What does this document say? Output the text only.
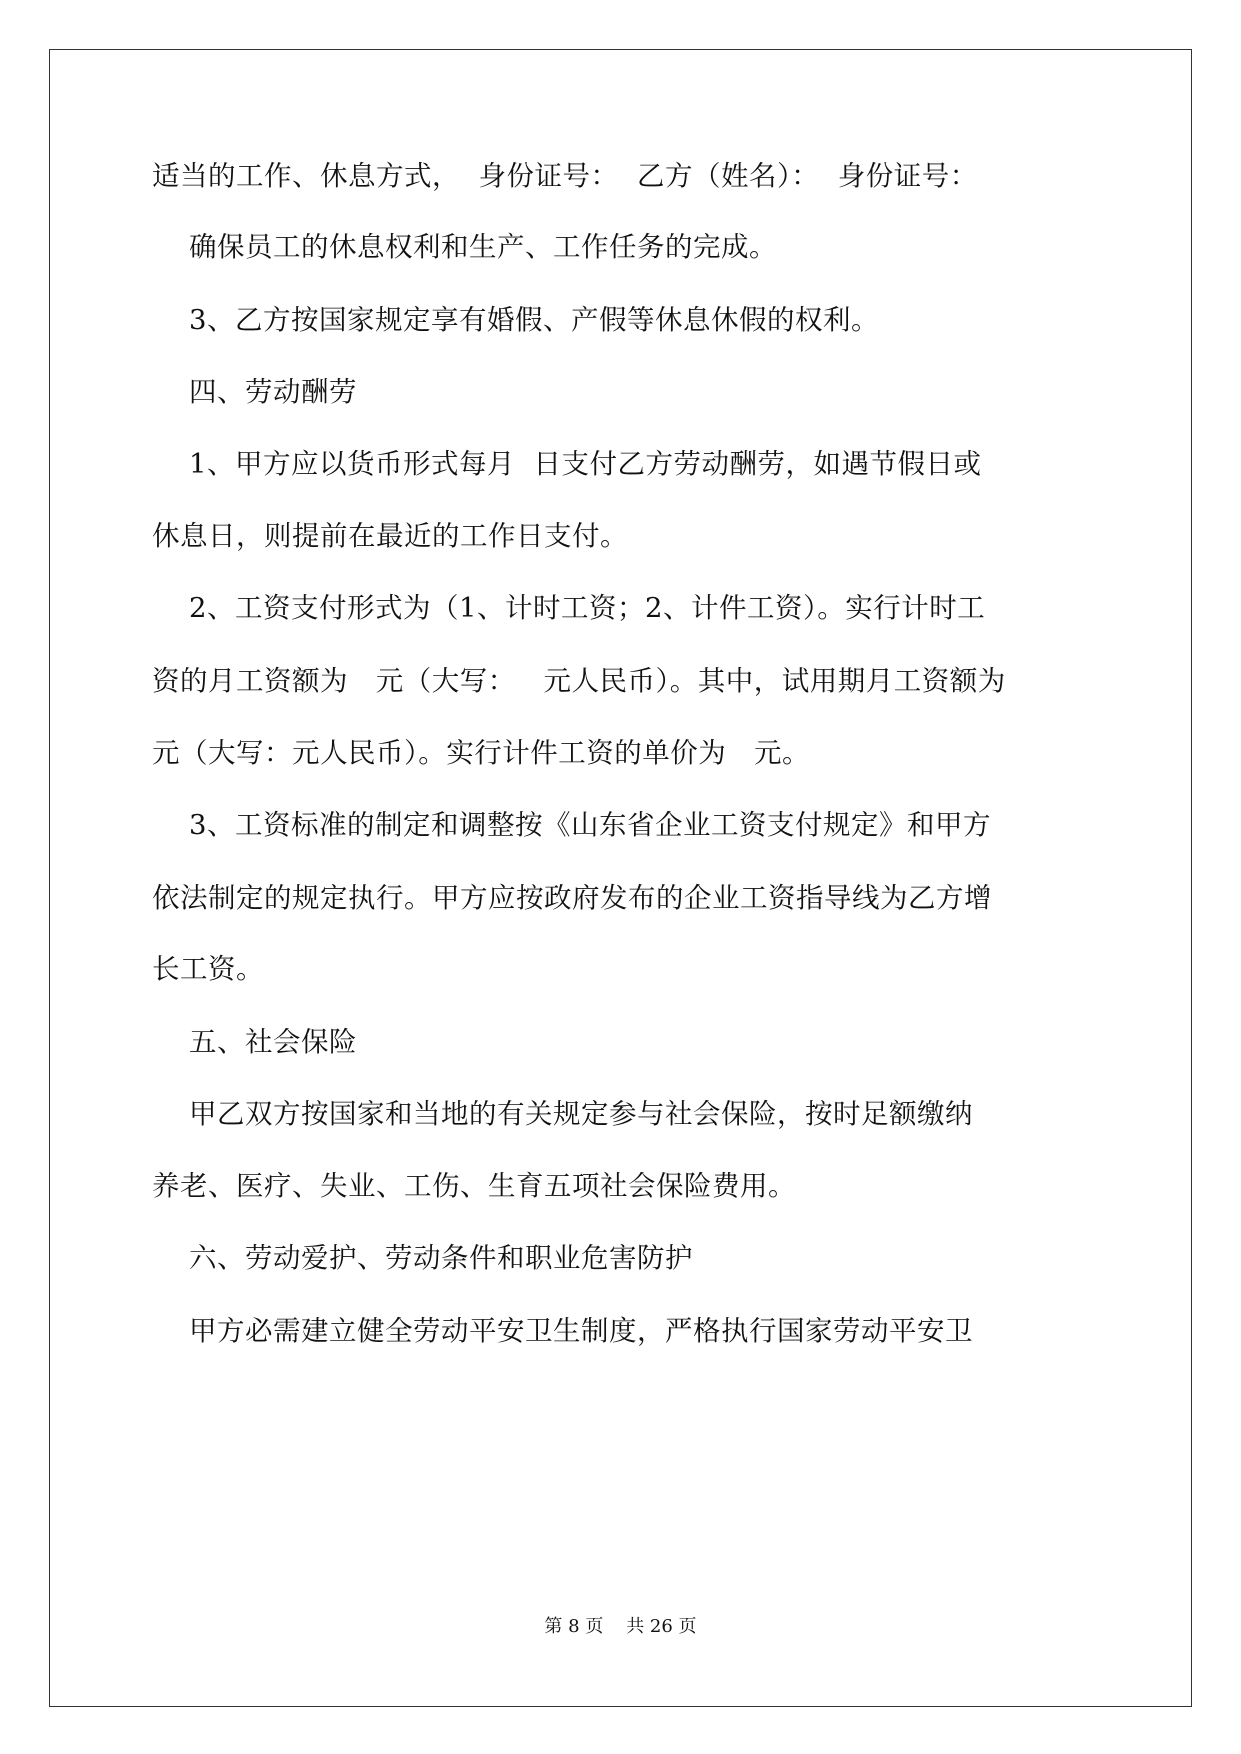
适当的工作、休息方式，  身份证号：  乙方（姓名）：  身份证号：
确保员工的休息权利和生产、工作任务的完成。
3、乙方按国家规定享有婚假、产假等休息休假的权利。
四、劳动酬劳
1、甲方应以货币形式每月  日支付乙方劳动酬劳，如遇节假日或
休息日，则提前在最近的工作日支付。
2、工资支付形式为（1、计时工资；2、计件工资）。实行计时工
资的月工资额为   元（大写：   元人民币）。其中，试用期月工资额为
元（大写：元人民币）。实行计件工资的单价为   元。
3、工资标准的制定和调整按《山东省企业工资支付规定》和甲方
依法制定的规定执行。甲方应按政府发布的企业工资指导线为乙方增
长工资。
五、社会保险
甲乙双方按国家和当地的有关规定参与社会保险，按时足额缴纳
养老、医疗、失业、工伤、生育五项社会保险费用。
六、劳动爱护、劳动条件和职业危害防护
甲方必需建立健全劳动平安卫生制度，严格执行国家劳动平安卫
第 8 页    共 26 页
